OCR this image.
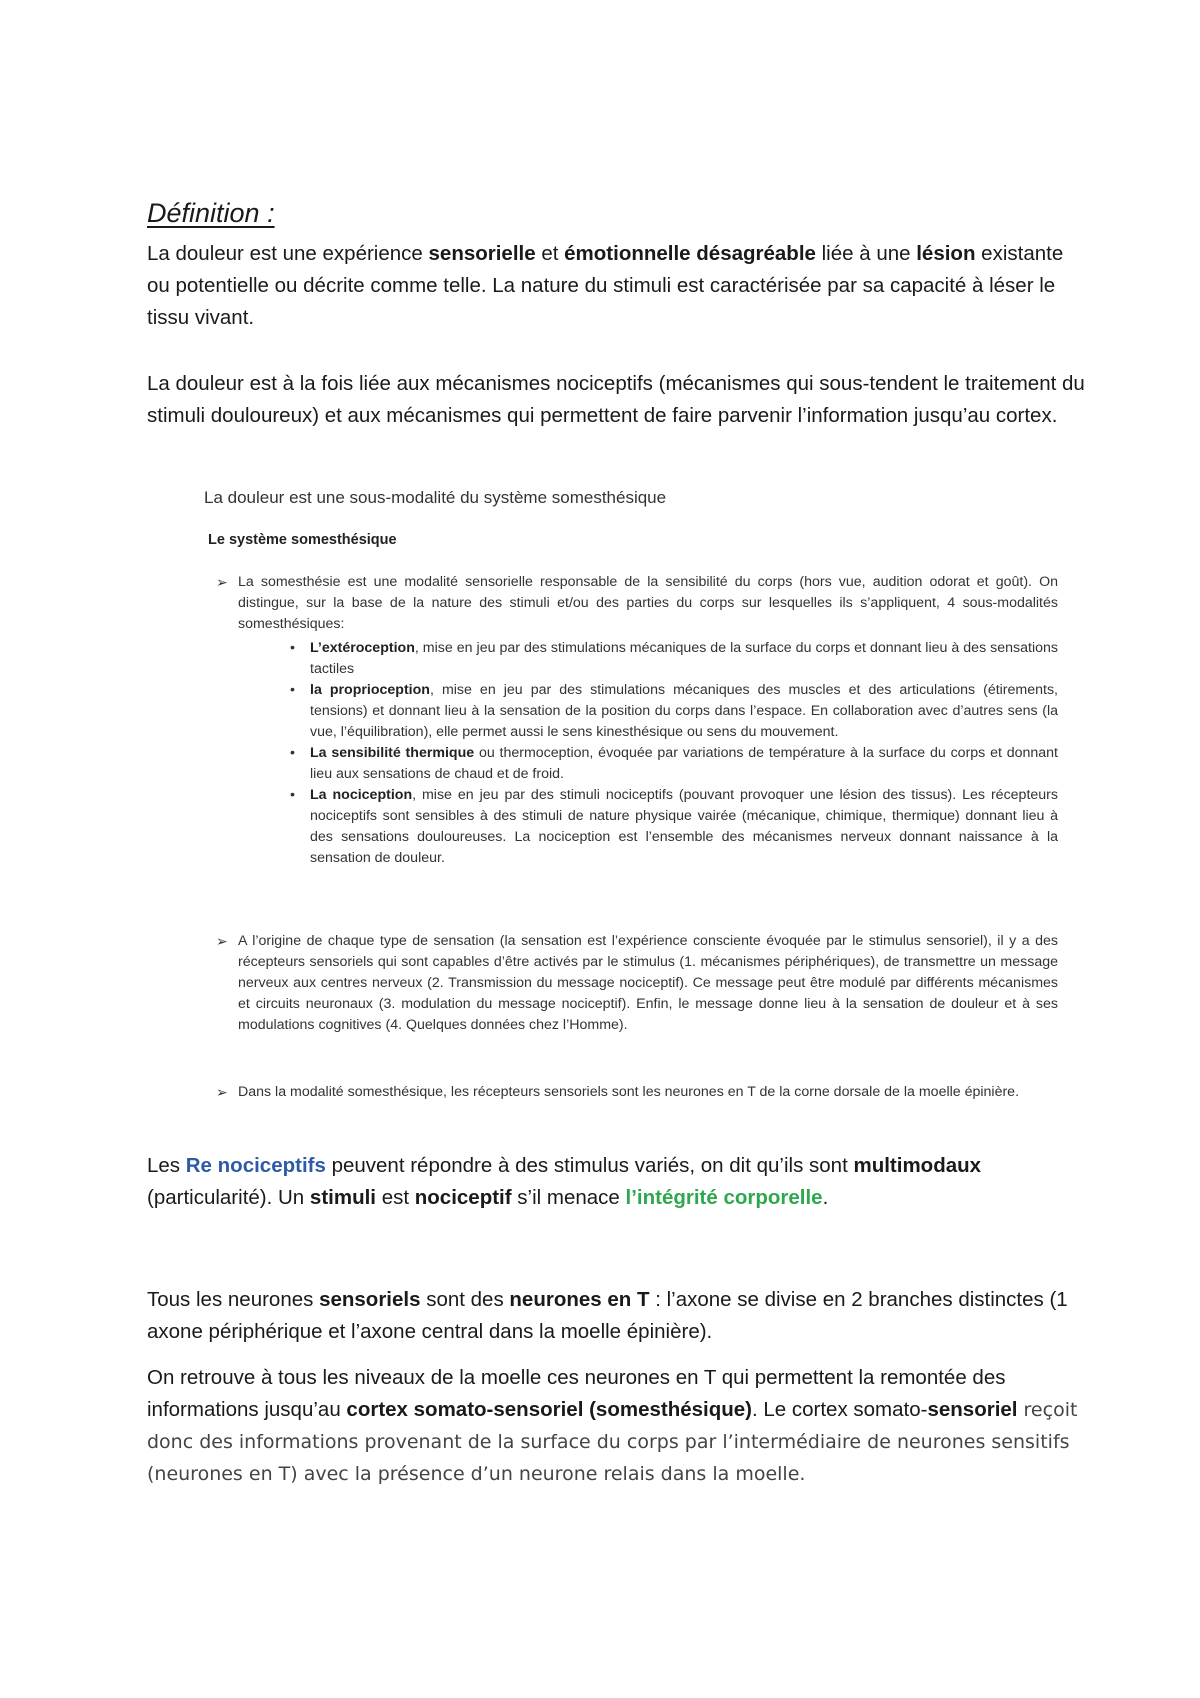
Définition :

La douleur est une expérience sensorielle et émotionnelle désagréable liée à une lésion existante ou potentielle ou décrite comme telle. La nature du stimuli est caractérisée par sa capacité à léser le tissu vivant.

La douleur est à la fois liée aux mécanismes nociceptifs (mécanismes qui sous-tendent le traitement du stimuli douloureux) et aux mécanismes qui permettent de faire parvenir l’information jusqu’au cortex.

La douleur est une sous-modalité du système somesthésique
Le système somesthésique
➢ La somesthésie est une modalité sensorielle responsable de la sensibilité du corps (hors vue, audition odorat et goût). On distingue, sur la base de la nature des stimuli et/ou des parties du corps sur lesquelles ils s’appliquent, 4 sous-modalités somesthésiques:
• L’extéroception, mise en jeu par des stimulations mécaniques de la surface du corps et donnant lieu à des sensations tactiles
• la proprioception, mise en jeu par des stimulations mécaniques des muscles et des articulations (étirements, tensions) et donnant lieu à la sensation de la position du corps dans l’espace. En collaboration avec d’autres sens (la vue, l’équilibration), elle permet aussi le sens kinesthésique ou sens du mouvement.
• La sensibilité thermique ou thermoception, évoquée par variations de température à la surface du corps et donnant lieu aux sensations de chaud et de froid.
• La nociception, mise en jeu par des stimuli nociceptifs (pouvant provoquer une lésion des tissus). Les récepteurs nociceptifs sont sensibles à des stimuli de nature physique vairée (mécanique, chimique, thermique) donnant lieu à des sensations douloureuses. La nociception est l’ensemble des mécanismes nerveux donnant naissance à la sensation de douleur.
➢ A l’origine de chaque type de sensation (la sensation est l’expérience consciente évoquée par le stimulus sensoriel), il y a des récepteurs sensoriels qui sont capables d’être activés par le stimulus (1. mécanismes périphériques), de transmettre un message nerveux aux centres nerveux (2. Transmission du message nociceptif). Ce message peut être modulé par différents mécanismes et circuits neuronaux (3. modulation du message nociceptif). Enfin, le message donne lieu à la sensation de douleur et à ses modulations cognitives (4. Quelques données chez l’Homme).
➢ Dans la modalité somesthésique, les récepteurs sensoriels sont les neurones en T de la corne dorsale de la moelle épinière.

Les Re nociceptifs peuvent répondre à des stimulus variés, on dit qu’ils sont multimodaux (particularité). Un stimuli est nociceptif s’il menace l’intégrité corporelle.

Tous les neurones sensoriels sont des neurones en T : l’axone se divise en 2 branches distinctes (1 axone périphérique et l’axone central dans la moelle épinière).

On retrouve à tous les niveaux de la moelle ces neurones en T qui permettent la remontée des informations jusqu’au cortex somato-sensoriel (somesthésique). Le cortex somato-sensoriel reçoit donc des informations provenant de la surface du corps par l’intermédiaire de neurones sensitifs (neurones en T) avec la présence d’un neurone relais dans la moelle.
